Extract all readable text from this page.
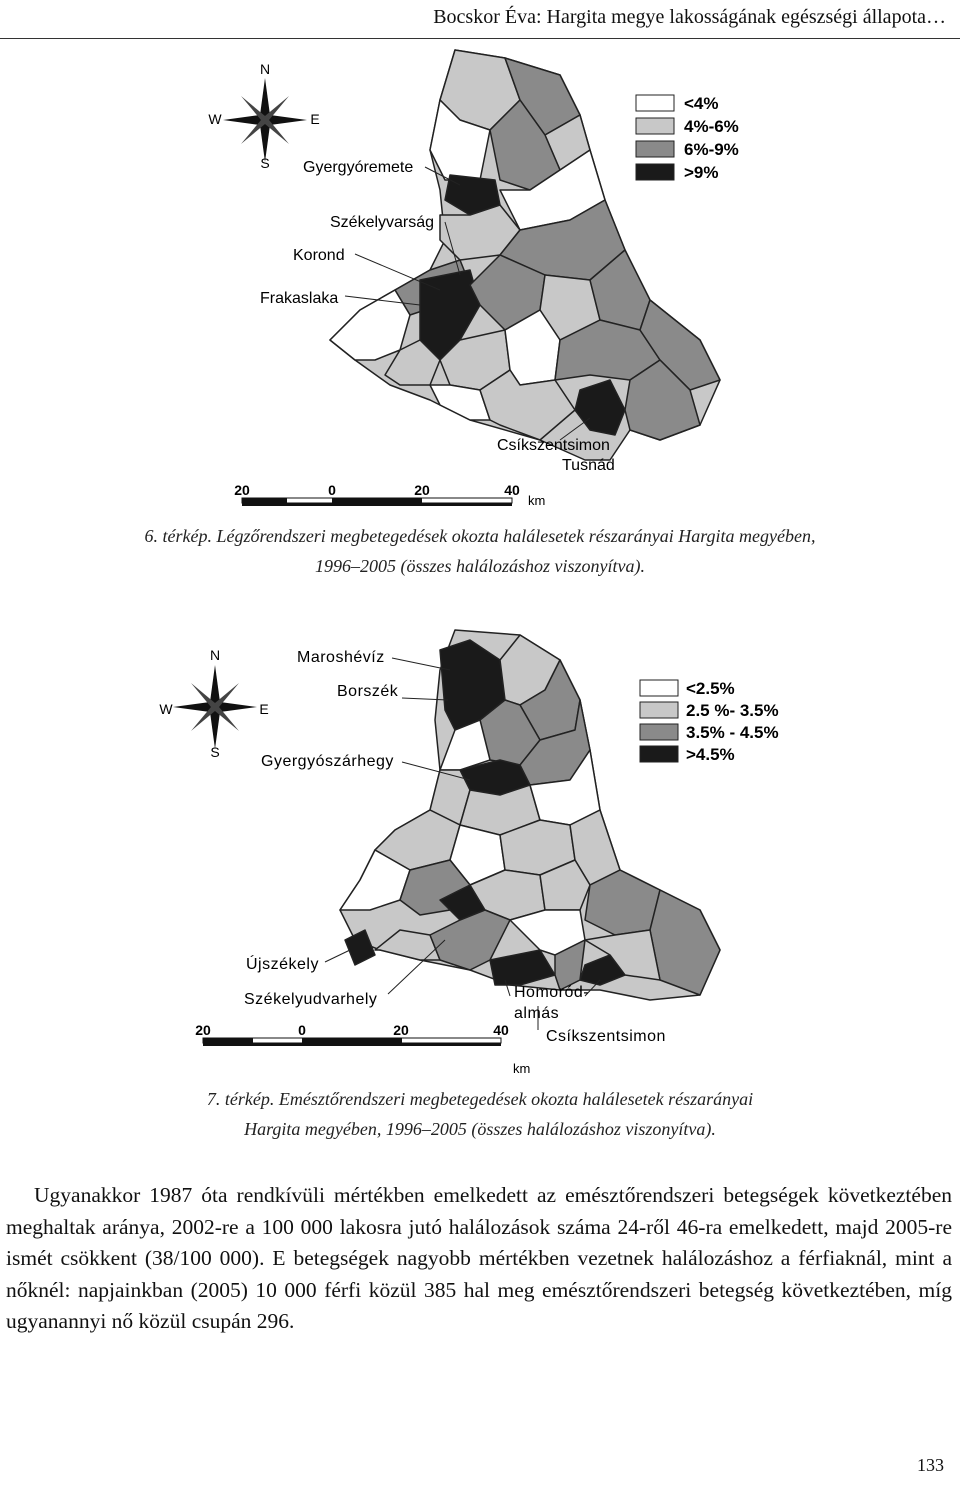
Bocskor Éva: Hargita megye lakosságának egészségi állapota…
N
E
S
W
Gyergyóremete
Székelyvarság
Korond
Frakaslaka
Csíkszentsimon
Tusnád
<4%
4%-6%
6%-9%
>9%
20	0	20	40
km
6. térkép. Légzőrendszeri megbetegedések okozta halálesetek részarányai Hargita megyében,
1996–2005 (összes halálozáshoz viszonyítva).
N
E
S
W
Maroshévíz
Borszék
Gyergyószárhegy
Újszékely
Székelyudvarhely	Homoród-
almás
Csíkszentsimon
<2.5%
2.5 %- 3.5%
3.5% - 4.5%
>4.5%
20	0	20	40
km
7. térkép. Emésztőrendszeri megbetegedések okozta halálesetek részarányai
Hargita megyében, 1996–2005 (összes halálozáshoz viszonyítva).

Ugyanakkor 1987 óta rendkívüli mértékben emelkedett az emésztőrendszeri betegségek következtében meghaltak aránya, 2002-re a 100 000 lakosra jutó halálozások száma 24-ről 46-ra emelkedett, majd 2005-re ismét csökkent (38/100 000). E betegségek nagyobb mértékben vezetnek halálozáshoz a férfiaknál, mint a nőknél: napjainkban (2005) 10 000 férfi közül 385 hal meg emésztőrendszeri betegség következtében, míg ugyanannyi nő közül csupán 296.

133
